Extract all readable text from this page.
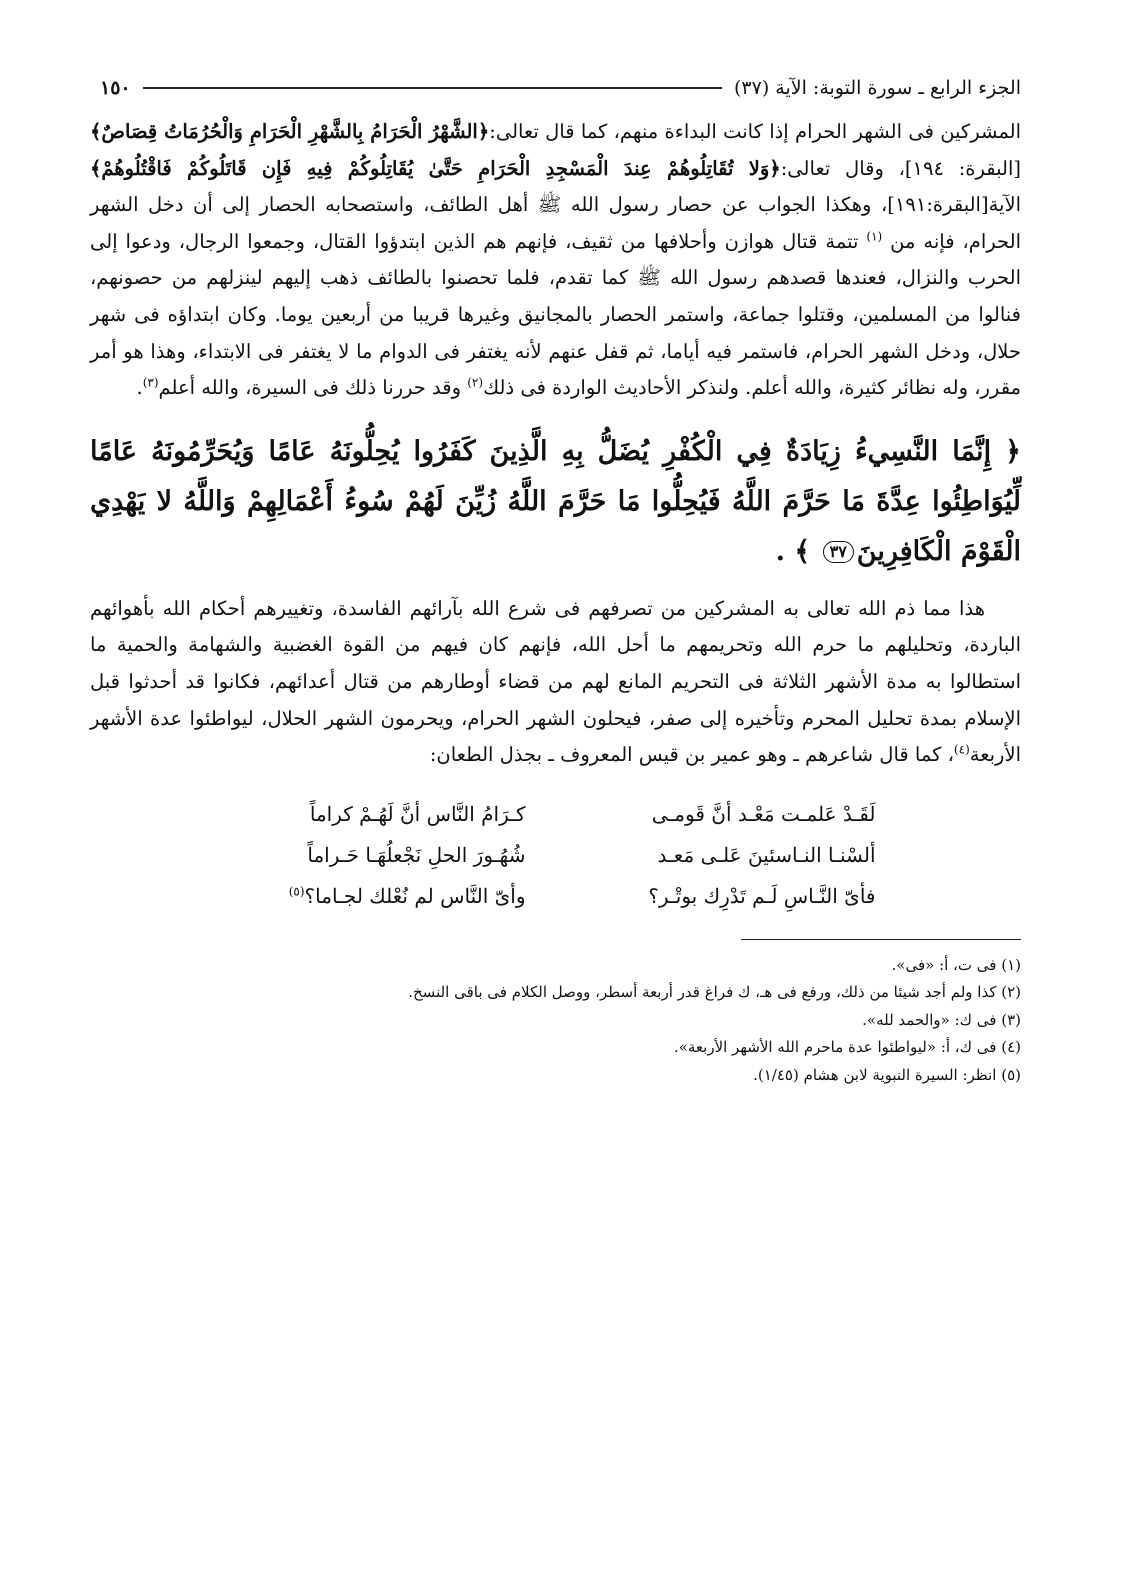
الجزء الرابع ـ سورة التوبة: الآية (٣٧)
١٥٠

المشركين فى الشهر الحرام إذا كانت البداءة منهم، كما قال تعالى:﴿الشَّهْرُ الْحَرَامُ بِالشَّهْرِ الْحَرَامِ وَالْحُرُمَاتُ قِصَاصٌ﴾[البقرة: ١٩٤]، وقال تعالى:﴿وَلا تُقَاتِلُوهُمْ عِندَ الْمَسْجِدِ الْحَرَامِ حَتَّىٰ يُقَاتِلُوكُمْ فِيهِ فَإِن قَاتَلُوكُمْ فَاقْتُلُوهُمْ﴾ الآية[البقرة:١٩١]، وهكذا الجواب عن حصار رسول الله ﷺ أهل الطائف، واستصحابه الحصار إلى أن دخل الشهر الحرام، فإنه من $^{(١)}$ تتمة قتال هوازن وأحلافها من ثقيف، فإنهم هم الذين ابتدؤوا القتال، وجمعوا الرجال، ودعوا إلى الحرب والنزال، فعندها قصدهم رسول الله ﷺ كما تقدم، فلما تحصنوا بالطائف ذهب إليهم لينزلهم من حصونهم، فنالوا من المسلمين، وقتلوا جماعة، واستمر الحصار بالمجانيق وغيرها قريبا من أربعين يوما. وكان ابتداؤه فى شهر حلال، ودخل الشهر الحرام، فاستمر فيه أياما، ثم قفل عنهم لأنه يغتفر فى الدوام ما لا يغتفر فى الابتداء، وهذا هو أمر مقرر، وله نظائر كثيرة، والله أعلم. ولنذكر الأحاديث الواردة فى ذلك$^{(٢)}$ وقد حررنا ذلك فى السيرة، والله أعلم$^{(٣)}$.

﴿ إِنَّمَا النَّسِيءُ زِيَادَةٌ فِي الْكُفْرِ يُضَلُّ بِهِ الَّذِينَ كَفَرُوا يُحِلُّونَهُ عَامًا وَيُحَرِّمُونَهُ عَامًا لِّيُوَاطِئُوا عِدَّةَ مَا حَرَّمَ اللَّهُ فَيُحِلُّوا مَا حَرَّمَ اللَّهُ زُيِّنَ لَهُمْ سُوءُ أَعْمَالِهِمْ وَاللَّهُ لا يَهْدِي الْقَوْمَ الْكَافِرِينَ٣٧ ﴾ .

هذا مما ذم الله تعالى به المشركين من تصرفهم فى شرع الله بآرائهم الفاسدة، وتغييرهم أحكام الله بأهوائهم الباردة، وتحليلهم ما حرم الله وتحريمهم ما أحل الله، فإنهم كان فيهم من القوة الغضبية والشهامة والحمية ما استطالوا به مدة الأشهر الثلاثة فى التحريم المانع لهم من قضاء أوطارهم من قتال أعدائهم، فكانوا قد أحدثوا قبل الإسلام بمدة تحليل المحرم وتأخيره إلى صفر، فيحلون الشهر الحرام، ويحرمون الشهر الحلال، ليواطئوا عدة الأشهر الأربعة$^{(٤)}$، كما قال شاعرهم ـ وهو عمير بن قيس المعروف ـ بجذل الطعان:

لَقَـدْ عَلمـت مَعْـد أنَّ قَومـى
كـرَامُ النَّاس أنَّ لَهُـمْ كراماً
ألسْنـا النـاسئينَ عَلـى مَعـد
شُهُـورَ الحلِ نَجْعلُهَـا حَـراماً
فأىّ النَّـاسِ لَـم تَدْرِك بوتْـر؟
وأىّ النَّاس لم نُعْلك لجـاما؟$^{(٥)}$
(١) فى ت، أ: «فى».
(٢) كذا ولم أجد شيئا من ذلك، ورفع فى هـ، ك فراغ قدر أربعة أسطر، ووصل الكلام فى باقى النسخ.
(٣) فى ك: «والحمد لله».
(٤) فى ك، أ: «ليواطئوا عدة ماحرم الله الأشهر الأربعة».
(٥) انظر: السيرة النبوية لابن هشام (١/٤٥).
